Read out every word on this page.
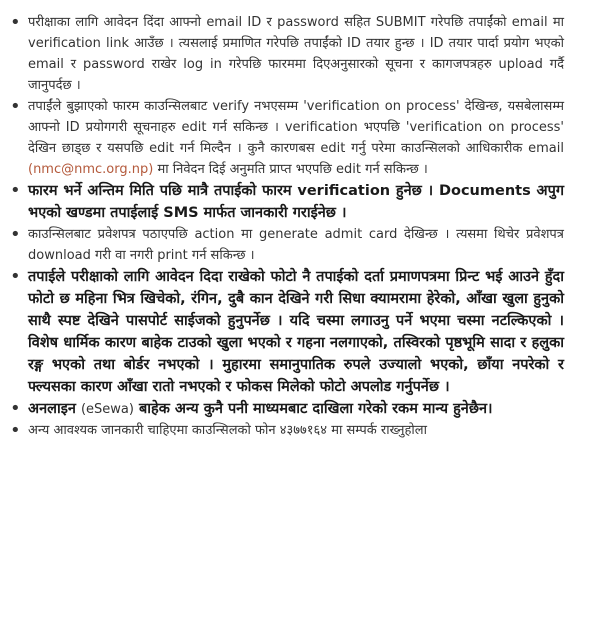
• परीक्षाका लागि आवेदन दिंदा आफ्नो email ID र password सहित SUBMIT गरेपछि तपाईंको email मा verification link आउँछ । त्यसलाई प्रमाणित गरेपछि तपाईंको ID तयार हुन्छ । ID तयार पार्दा प्रयोग भएको email र password राखेर log in गरेपछि फारममा दिएअनुसारको सूचना र कागजपत्रहरु upload गर्दै जानुपर्दछ ।
• तपाईंले बुझाएको फारम काउन्सिलबाट verify नभएसम्म 'verification on process' देखिन्छ, यसबेलासम्म आफ्नो ID प्रयोगगरी सूचनाहरु edit गर्न सकिन्छ । verification भएपछि 'verification on process' देखिन छाड्छ र यसपछि edit गर्न मिल्दैन । कुनै कारणबस edit गर्नु परेमा काउन्सिलको आधिकारीक email (nmc@nmc.org.np) मा निवेदन दिई अनुमति प्राप्त भएपछि edit गर्न सकिन्छ ।
• फारम भर्ने अन्तिम मिति पछि मात्रै तपाईको फारम verification हुनेछ । Documents अपुग भएको खण्डमा तपाईलाई SMS मार्फत जानकारी गराईनेछ ।
• काउन्सिलबाट प्रवेशपत्र पठाएपछि action मा generate admit card देखिन्छ । त्यसमा थिचेर प्रवेशपत्र download गरी वा नगरी print गर्न सकिन्छ ।
• तपाईले परीक्षाको लागि आवेदन दिदा राखेको फोटो नै तपाईको दर्ता प्रमाणपत्रमा प्रिन्ट भई आउने हुँदा फोटो छ महिना भित्र खिचेको, रंगिन, दुबै कान देखिने गरी सिधा क्यामरामा हेरेको, आँखा खुला हुनुको साथै स्पष्ट देखिने पासपोर्ट साईजको हुनुपर्नेछ । यदि चस्मा लगाउनु पर्ने भएमा चस्मा नटल्किएको । विशेष धार्मिक कारण बाहेक टाउको खुला भएको र गहना नलगाएको, तस्विरको पृष्ठभूमि सादा र हलुका रङ्ग भएको तथा बोर्डर नभएको । मुहारमा समानुपातिक रुपले उज्यालो भएको, छाँया नपरेको र फ्ल्यसका कारण आँखा रातो नभएको र फोकस मिलेको फोटो अपलोड गर्नुपर्नेछ ।
• अनलाइन (eSewa) बाहेक अन्य कुनै पनी माध्यमबाट दाखिला गरेको रकम मान्य हुनेछैन।
• अन्य आवश्यक जानकारी चाहिएमा काउन्सिलको फोन ४३७७१६४ मा सम्पर्क राख्नुहोला
